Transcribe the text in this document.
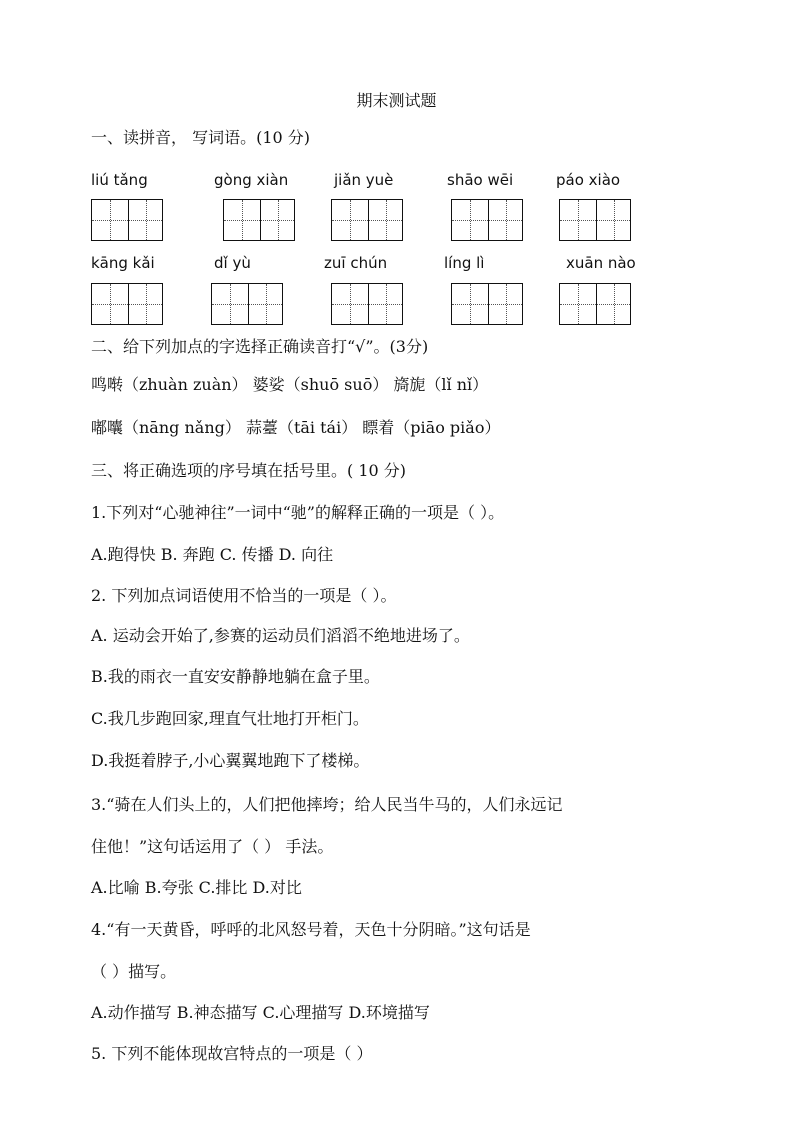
期末测试题
一、读拼音， 写词语。(10 分)
liú tǎng	gòng xiàn	jiǎn yuè	shāo wēi	páo xiào
kāng kǎi	dǐ yù	zuī chún	líng lì	xuān nào
二、给下列加点的字选择正确读音打“√”。(3分)
鸣啭（zhuàn zuàn） 婆娑（shuō suō） 旖旎（lǐ nǐ）
嘟囔（nāng nǎng） 蒜薹（tāi tái） 瞟着（piāo piǎo）
三、将正确选项的序号填在括号里。( 10 分)
1.下列对“心驰神往”一词中“驰”的解释正确的一项是（ ）。
A.跑得快 B. 奔跑 C. 传播 D. 向往
2. 下列加点词语使用不恰当的一项是（ ）。
A. 运动会开始了,参赛的运动员们滔滔不绝地进场了。
B.我的雨衣一直安安静静地躺在盒子里。
C.我几步跑回家,理直气壮地打开柜门。
D.我挺着脖子,小心翼翼地跑下了楼梯。
3.“骑在人们头上的，人们把他摔垮；给人民当牛马的，人们永远记
住他！”这句话运用了（ ） 手法。
A.比喻 B.夸张 C.排比 D.对比
4.“有一天黄昏，呼呼的北风怒号着，天色十分阴暗。”这句话是
（ ）描写。
A.动作描写 B.神态描写 C.心理描写 D.环境描写
5. 下列不能体现故宫特点的一项是（ ）
